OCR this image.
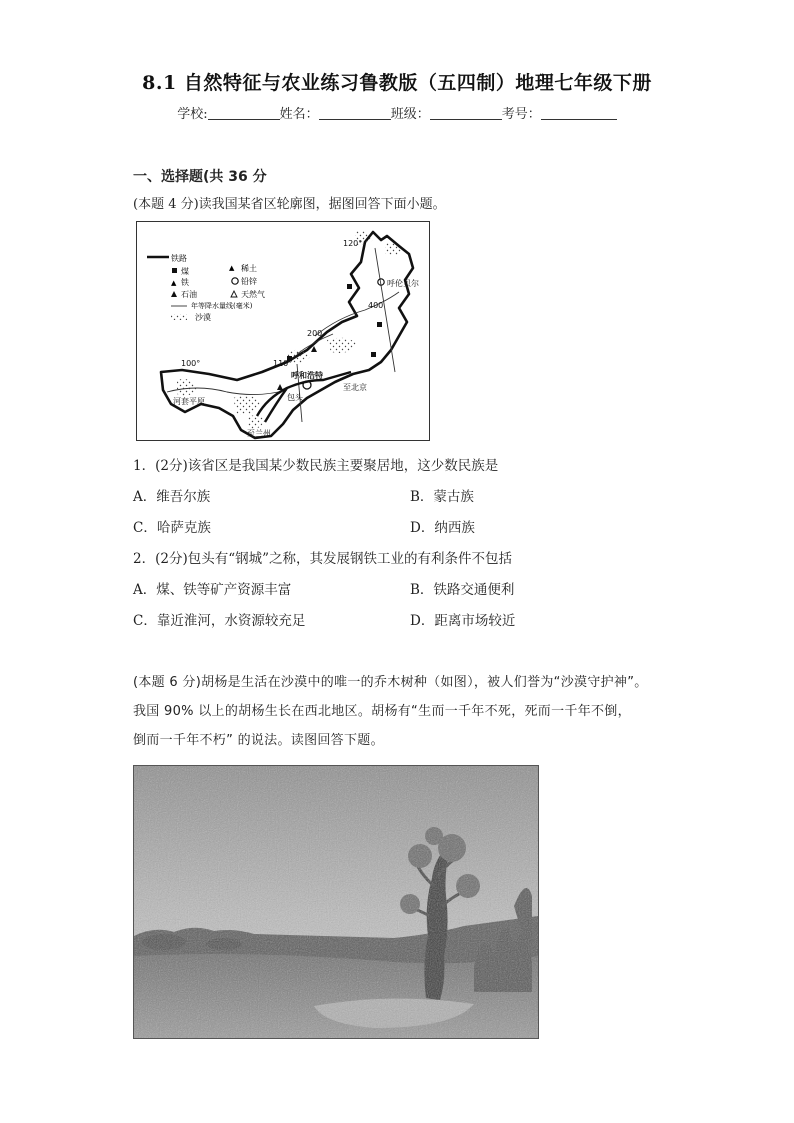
8.1 自然特征与农业练习鲁教版（五四制）地理七年级下册
学校:	姓名：	班级：	考号：
一、选择题(共 36 分
(本题 4 分)读我国某省区轮廓图，据图回答下面小题。
铁路
煤	▲ 稀土
▲ 铁	铅锌
石油	天然气
年等降水量线(毫米)
沙漠
120°
呼伦贝尔
400
200
110°
100°
呼和浩特
至北京
河套平原	包头
至兰州
1．(2分)该省区是我国某少数民族主要聚居地，这少数民族是
A．维吾尔族	B．蒙古族
C．哈萨克族	D．纳西族
2．(2分)包头有“钢城”之称，其发展钢铁工业的有利条件不包括
A．煤、铁等矿产资源丰富	B．铁路交通便利
C．靠近淮河，水资源较充足	D．距离市场较近
(本题 6 分)胡杨是生活在沙漠中的唯一的乔木树种（如图），被人们誉为“沙漠守护神”。
我国 90% 以上的胡杨生长在西北地区。胡杨有“生而一千年不死，死而一千年不倒，
倒而一千年不朽” 的说法。读图回答下题。
